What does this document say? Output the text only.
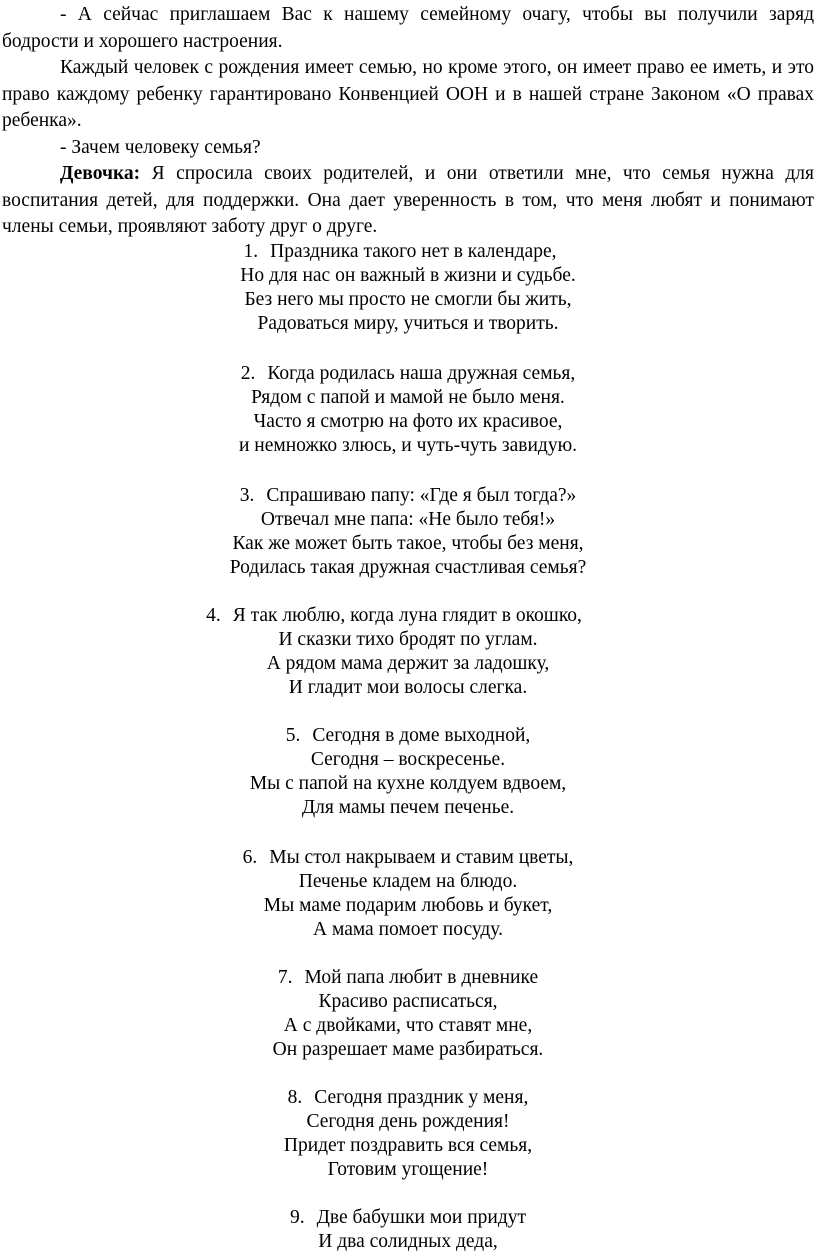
- А сейчас приглашаем Вас к нашему семейному очагу, чтобы вы получили заряд бодрости и хорошего настроения.

Каждый человек с рождения имеет семью, но кроме этого, он имеет право ее иметь, и это право каждому ребенку гарантировано Конвенцией ООН и в нашей стране Законом «О правах ребенка».

- Зачем человеку семья?

Девочка: Я спросила своих родителей, и они ответили мне, что семья нужна для воспитания детей, для поддержки. Она дает уверенность в том, что меня любят и понимают члены семьи, проявляют заботу друг о друге.

1. Праздника такого нет в календаре,
Но для нас он важный в жизни и судьбе.
Без него мы просто не смогли бы жить,
Радоваться миру, учиться и творить.
2. Когда родилась наша дружная семья,
Рядом с папой и мамой не было меня.
Часто я смотрю на фото их красивое,
и немножко злюсь, и чуть-чуть завидую.
3. Спрашиваю папу: «Где я был тогда?»
Отвечал мне папа: «Не было тебя!»
Как же может быть такое, чтобы без меня,
Родилась такая дружная счастливая семья?
4. Я так люблю, когда луна глядит в окошко,
И сказки тихо бродят по углам.
А рядом мама держит за ладошку,
И гладит мои волосы слегка.
5. Сегодня в доме выходной,
Сегодня – воскресенье.
Мы с папой на кухне колдуем вдвоем,
Для мамы печем печенье.
6. Мы стол накрываем и ставим цветы,
Печенье кладем на блюдо.
Мы маме подарим любовь и букет,
А мама помоет посуду.
7. Мой папа любит в дневнике
Красиво расписаться,
А с двойками, что ставят мне,
Он разрешает маме разбираться.
8. Сегодня праздник у меня,
Сегодня день рождения!
Придет поздравить вся семья,
Готовим угощение!
9. Две бабушки мои придут
И два солидных деда,
